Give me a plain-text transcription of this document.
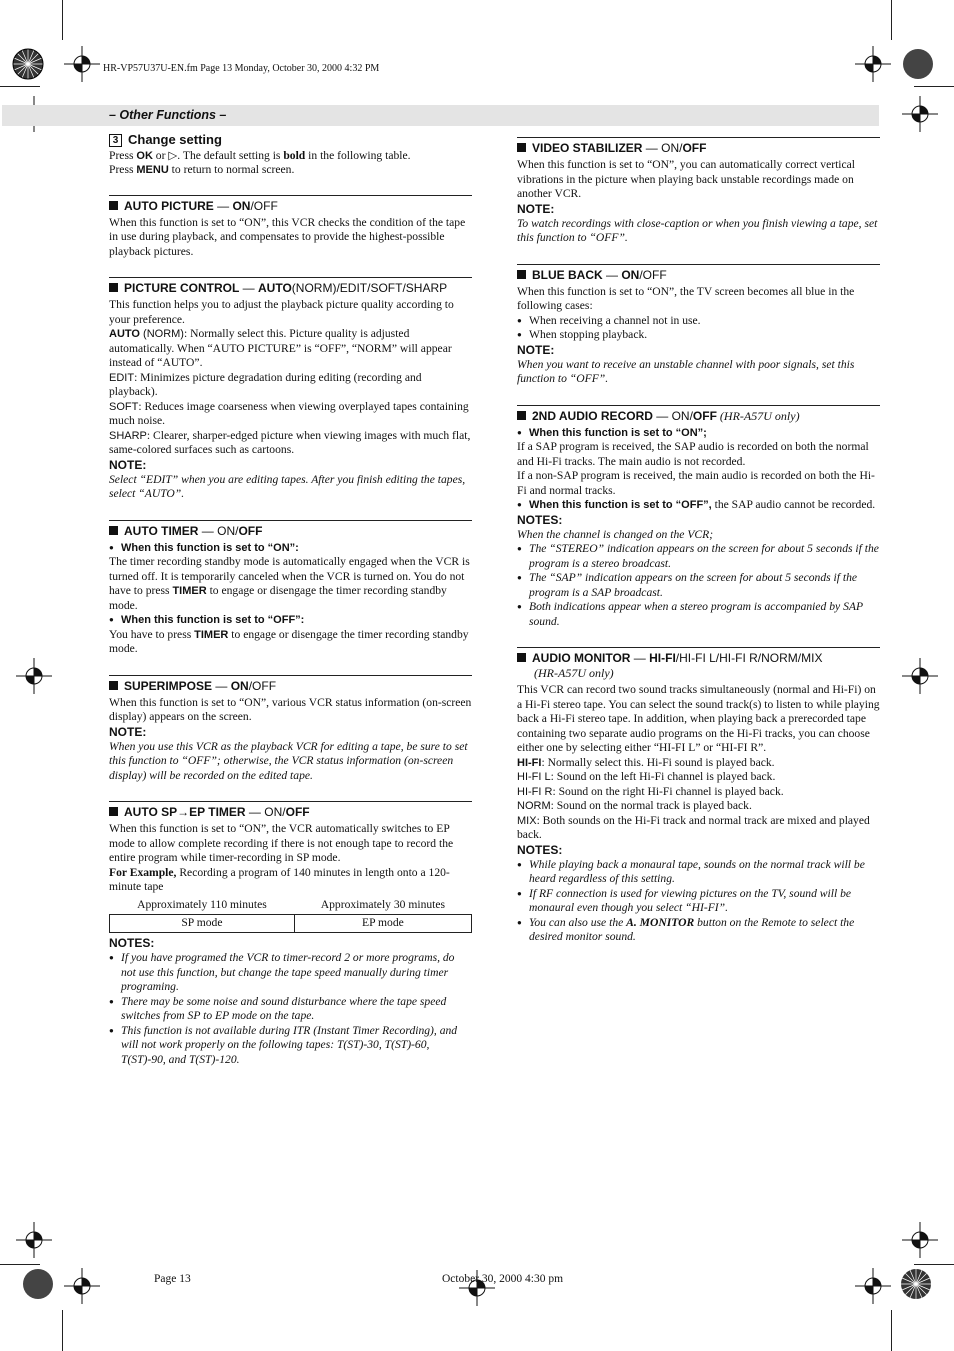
HR-VP57U37U-EN.fm Page 13 Monday, October 30, 2000 4:32 PM
– Other Functions –
3 Change setting

Press OK or ▷. The default setting is bold in the following table.

Press MENU to return to normal screen.

AUTO PICTURE — ON/OFF

When this function is set to “ON”, this VCR checks the condition of the tape in use during playback, and compensates to provide the highest-possible playback pictures.

PICTURE CONTROL — AUTO(NORM)/EDIT/SOFT/SHARP

This function helps you to adjust the playback picture quality according to your preference.

AUTO (NORM): Normally select this. Picture quality is adjusted automatically. When “AUTO PICTURE” is “OFF”, “NORM” will appear instead of “AUTO”.

EDIT: Minimizes picture degradation during editing (recording and playback).

SOFT: Reduces image coarseness when viewing overplayed tapes containing much noise.

SHARP: Clearer, sharper-edged picture when viewing images with much flat, same-colored surfaces such as cartoons.

NOTE:

Select “EDIT” when you are editing tapes. After you finish editing the tapes, select “AUTO”.

AUTO TIMER — ON/OFF

● When this function is set to “ON”:

The timer recording standby mode is automatically engaged when the VCR is turned off. It is temporarily canceled when the VCR is turned on. You do not have to press TIMER to engage or disengage the timer recording standby mode.

● When this function is set to “OFF”:

You have to press TIMER to engage or disengage the timer recording standby mode.

SUPERIMPOSE — ON/OFF

When this function is set to “ON”, various VCR status information (on-screen display) appears on the screen.

NOTE:

When you use this VCR as the playback VCR for editing a tape, be sure to set this function to “OFF”; otherwise, the VCR status information (on-screen display) will be recorded on the edited tape.

AUTO SP→EP TIMER — ON/OFF

When this function is set to “ON”, the VCR automatically switches to EP mode to allow complete recording if there is not enough tape to record the entire program while timer-recording in SP mode.

For Example, Recording a program of 140 minutes in length onto a 120-minute tape

Approximately 110 minutes	Approximately 30 minutes
SP mode	EP mode
NOTES:

● If you have programed the VCR to timer-record 2 or more programs, do not use this function, but change the tape speed manually during timer programing.

● There may be some noise and sound disturbance where the tape speed switches from SP to EP mode on the tape.

● This function is not available during ITR (Instant Timer Recording), and will not work properly on the following tapes: T(ST)-30, T(ST)-60, T(ST)-90, and T(ST)-120.

VIDEO STABILIZER — ON/OFF

When this function is set to “ON”, you can automatically correct vertical vibrations in the picture when playing back unstable recordings made on another VCR.

NOTE:

To watch recordings with close-caption or when you finish viewing a tape, set this function to “OFF”.

BLUE BACK — ON/OFF

When this function is set to “ON”, the TV screen becomes all blue in the following cases:

● When receiving a channel not in use.

● When stopping playback.

NOTE:

When you want to receive an unstable channel with poor signals, set this function to “OFF”.

2ND AUDIO RECORD — ON/OFF (HR-A57U only)

● When this function is set to “ON”;

If a SAP program is received, the SAP audio is recorded on both the normal and Hi-Fi tracks. The main audio is not recorded.

If a non-SAP program is received, the main audio is recorded on both the Hi-Fi and normal tracks.

● When this function is set to “OFF”, the SAP audio cannot be recorded.

NOTES:

When the channel is changed on the VCR;

● The “STEREO” indication appears on the screen for about 5 seconds if the program is a stereo broadcast.

● The “SAP” indication appears on the screen for about 5 seconds if the program is a SAP broadcast.

● Both indications appear when a stereo program is accompanied by SAP sound.

AUDIO MONITOR — HI-FI/HI-FI L/HI-FI R/NORM/MIX
(HR-A57U only)

This VCR can record two sound tracks simultaneously (normal and Hi-Fi) on a Hi-Fi stereo tape. You can select the sound track(s) to listen to while playing back a Hi-Fi stereo tape. In addition, when playing back a prerecorded tape containing two separate audio programs on the Hi-Fi tracks, you can choose either one by selecting either “HI-FI L” or “HI-FI R”.

HI-FI: Normally select this. Hi-Fi sound is played back.

HI-FI L: Sound on the left Hi-Fi channel is played back.

HI-FI R: Sound on the right Hi-Fi channel is played back.

NORM: Sound on the normal track is played back.

MIX: Both sounds on the Hi-Fi track and normal track are mixed and played back.

NOTES:

● While playing back a monaural tape, sounds on the normal track will be heard regardless of this setting.

● If RF connection is used for viewing pictures on the TV, sound will be monaural even though you select “HI-FI”.

● You can also use the A. MONITOR button on the Remote to select the desired monitor sound.

Page 13	October 30, 2000 4:30 pm
